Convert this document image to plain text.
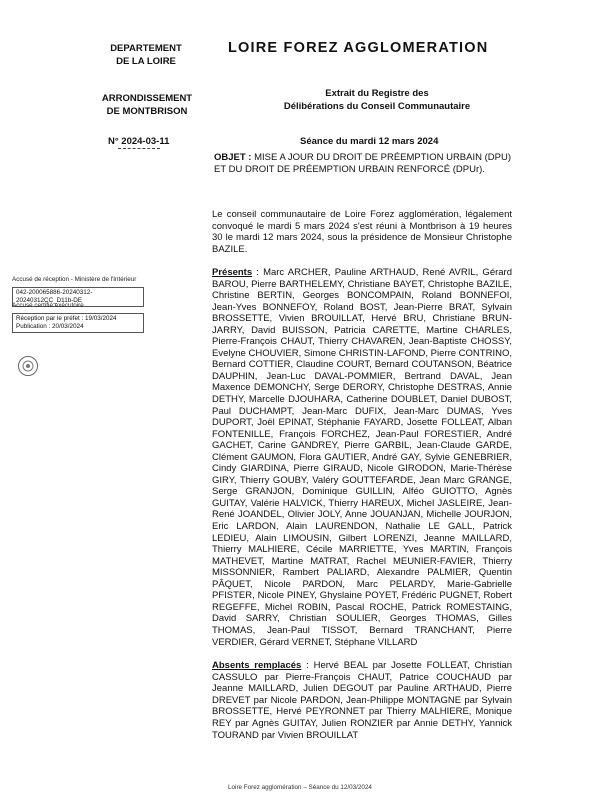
DEPARTEMENT
DE LA LOIRE
ARRONDISSEMENT
DE MONTBRISON
N° 2024-03-11
LOIRE FOREZ AGGLOMERATION
Extrait du Registre des
Délibérations du Conseil Communautaire
Séance du mardi 12 mars 2024
OBJET : MISE A JOUR DU DROIT DE PRÉEMPTION URBAIN (DPU) ET DU DROIT DE PRÉEMPTION URBAIN RENFORCÉ (DPUr).
Le conseil communautaire de Loire Forez agglomération, légalement convoqué le mardi 5 mars 2024 s'est réuni à Montbrison à 19 heures 30 le mardi 12 mars 2024, sous la présidence de Monsieur Christophe BAZILE.
Présents : Marc ARCHER, Pauline ARTHAUD, René AVRIL, Gérard BAROU, Pierre BARTHELEMY, Christiane BAYET, Christophe BAZILE, Christine BERTIN, Georges BONCOMPAIN, Roland BONNEFOI, Jean-Yves BONNEFOY, Roland BOST, Jean-Pierre BRAT, Sylvain BROSSETTE, Vivien BROUILLAT, Hervé BRU, Christiane BRUN-JARRY, David BUISSON, Patricia CARETTE, Martine CHARLES, Pierre-François CHAUT, Thierry CHAVAREN, Jean-Baptiste CHOSSY, Evelyne CHOUVIER, Simone CHRISTIN-LAFOND, Pierre CONTRINO, Bernard COTTIER, Claudine COURT, Bernard COUTANSON, Béatrice DAUPHIN, Jean-Luc DAVAL-POMMIER, Bertrand DAVAL, Jean Maxence DEMONCHY, Serge DERORY, Christophe DESTRAS, Annie DETHY, Marcelle DJOUHARA, Catherine DOUBLET, Daniel DUBOST, Paul DUCHAMPT, Jean-Marc DUFIX, Jean-Marc DUMAS, Yves DUPORT, Joël EPINAT, Stéphanie FAYARD, Josette FOLLEAT, Alban FONTENILLE, François FORCHEZ, Jean-Paul FORESTIER, André GACHET, Carine GANDREY, Pierre GARBIL, Jean-Claude GARDE, Clément GAUMON, Flora GAUTIER, André GAY, Sylvie GENEBRIER, Cindy GIARDINA, Pierre GIRAUD, Nicole GIRODON, Marie-Thérèse GIRY, Thierry GOUBY, Valéry GOUTTEFARDE, Jean Marc GRANGE, Serge GRANJON, Dominique GUILLIN, Alféo GUIOTTO, Agnès GUITAY, Valérie HALVICK, Thierry HAREUX, Michel JASLEIRE, Jean-René JOANDEL, Olivier JOLY, Anne JOUANJAN, Michelle JOURJON, Eric LARDON, Alain LAURENDON, Nathalie LE GALL, Patrick LEDIEU, Alain LIMOUSIN, Gilbert LORENZI, Jeanne MAILLARD, Thierry MALHIERE, Cécile MARRIETTE, Yves MARTIN, François MATHEVET, Martine MATRAT, Rachel MEUNIER-FAVIER, Thierry MISSONNIER, Rambert PALIARD, Alexandre PALMIER, Quentin PÂQUET, Nicole PARDON, Marc PELARDY, Marie-Gabrielle PFISTER, Nicole PINEY, Ghyslaine POYET, Frédéric PUGNET, Robert REGEFFE, Michel ROBIN, Pascal ROCHE, Patrick ROMESTAING, David SARRY, Christian SOULIER, Georges THOMAS, Gilles THOMAS, Jean-Paul TISSOT, Bernard TRANCHANT, Pierre VERDIER, Gérard VERNET, Stéphane VILLARD
Absents remplacés : Hervé BEAL par Josette FOLLEAT, Christian CASSULO par Pierre-François CHAUT, Patrice COUCHAUD par Jeanne MAILLARD, Julien DEGOUT par Pauline ARTHAUD, Pierre DREVET par Nicole PARDON, Jean-Philippe MONTAGNE par Sylvain BROSSETTE, Hervé PEYRONNET par Thierry MALHIERE, Monique REY par Agnès GUITAY, Julien RONZIER par Annie DETHY, Yannick TOURAND par Vivien BROUILLAT
Accusé de réception - Ministère de l'Intérieur
042-200065886-20240312-20240312CC_D11b-DE
Accusé certifié exécutoire
Réception par le préfet : 19/03/2024
Publication : 20/03/2024
Loire Forez agglomération – Séance du 12/03/2024
